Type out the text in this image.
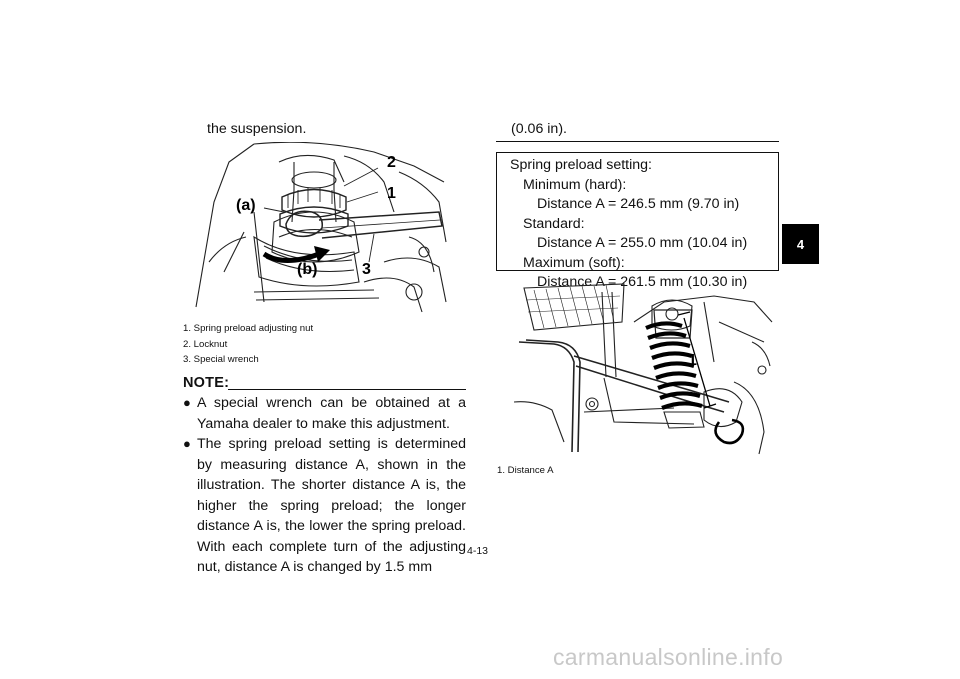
the suspension.
2
1
(a)
(b)	3
1. Spring preload adjusting nut
2. Locknut
3. Special wrench
NOTE:
● A special wrench can be obtained at a Yamaha dealer to make this adjustment.
● The spring preload setting is determined by measuring distance A, shown in the illustration. The shorter distance A is, the higher the spring preload; the longer distance A is, the lower the spring preload. With each complete turn of the adjusting nut, distance A is changed by 1.5 mm
(0.06 in).
Spring preload setting:
Minimum (hard):
Distance A = 246.5 mm (9.70 in)
Standard:
Distance A = 255.0 mm (10.04 in)
Maximum (soft):
Distance A = 261.5 mm (10.30 in)
1
1. Distance A
4
4-13
carmanualsonline.info
